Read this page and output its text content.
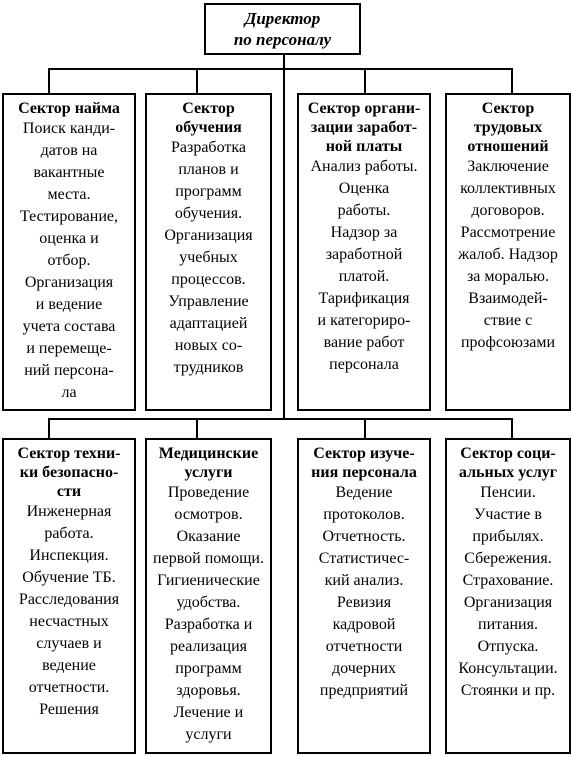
Директор
по персоналу
Сектор найма
Поиск канди-
датов на
вакантные
места.
Тестирование,
оценка и
отбор.
Организация
и ведение
учета состава
и перемеще-
ний персона-
ла
Сектор
обучения
Разработка
планов и
программ
обучения.
Организация
учебных
процессов.
Управление
адаптацией
новых со-
трудников
Сектор органи-
зации заработ-
ной платы
Анализ работы.
Оценка
работы.
Надзор за
заработной
платой.
Тарификация
и категориро-
вание работ
персонала
Сектор
трудовых
отношений
Заключение
коллективных
договоров.
Рассмотрение
жалоб. Надзор
за моралью.
Взаимодей-
ствие с
профсоюзами
Сектор техни-
ки безопасно-
сти
Инженерная
работа.
Инспекция.
Обучение ТБ.
Расследования
несчастных
случаев и
ведение
отчетности.
Решения
Медицинские
услуги
Проведение
осмотров.
Оказание
первой помощи.
Гигиенические
удобства.
Разработка и
реализация
программ
здоровья.
Лечение и
услуги
Сектор изуче-
ния персонала
Ведение
протоколов.
Отчетность.
Статистичес-
кий анализ.
Ревизия
кадровой
отчетности
дочерних
предприятий
Сектор соци-
альных услуг
Пенсии.
Участие в
прибылях.
Сбережения.
Страхование.
Организация
питания.
Отпуска.
Консультации.
Стоянки и пр.
